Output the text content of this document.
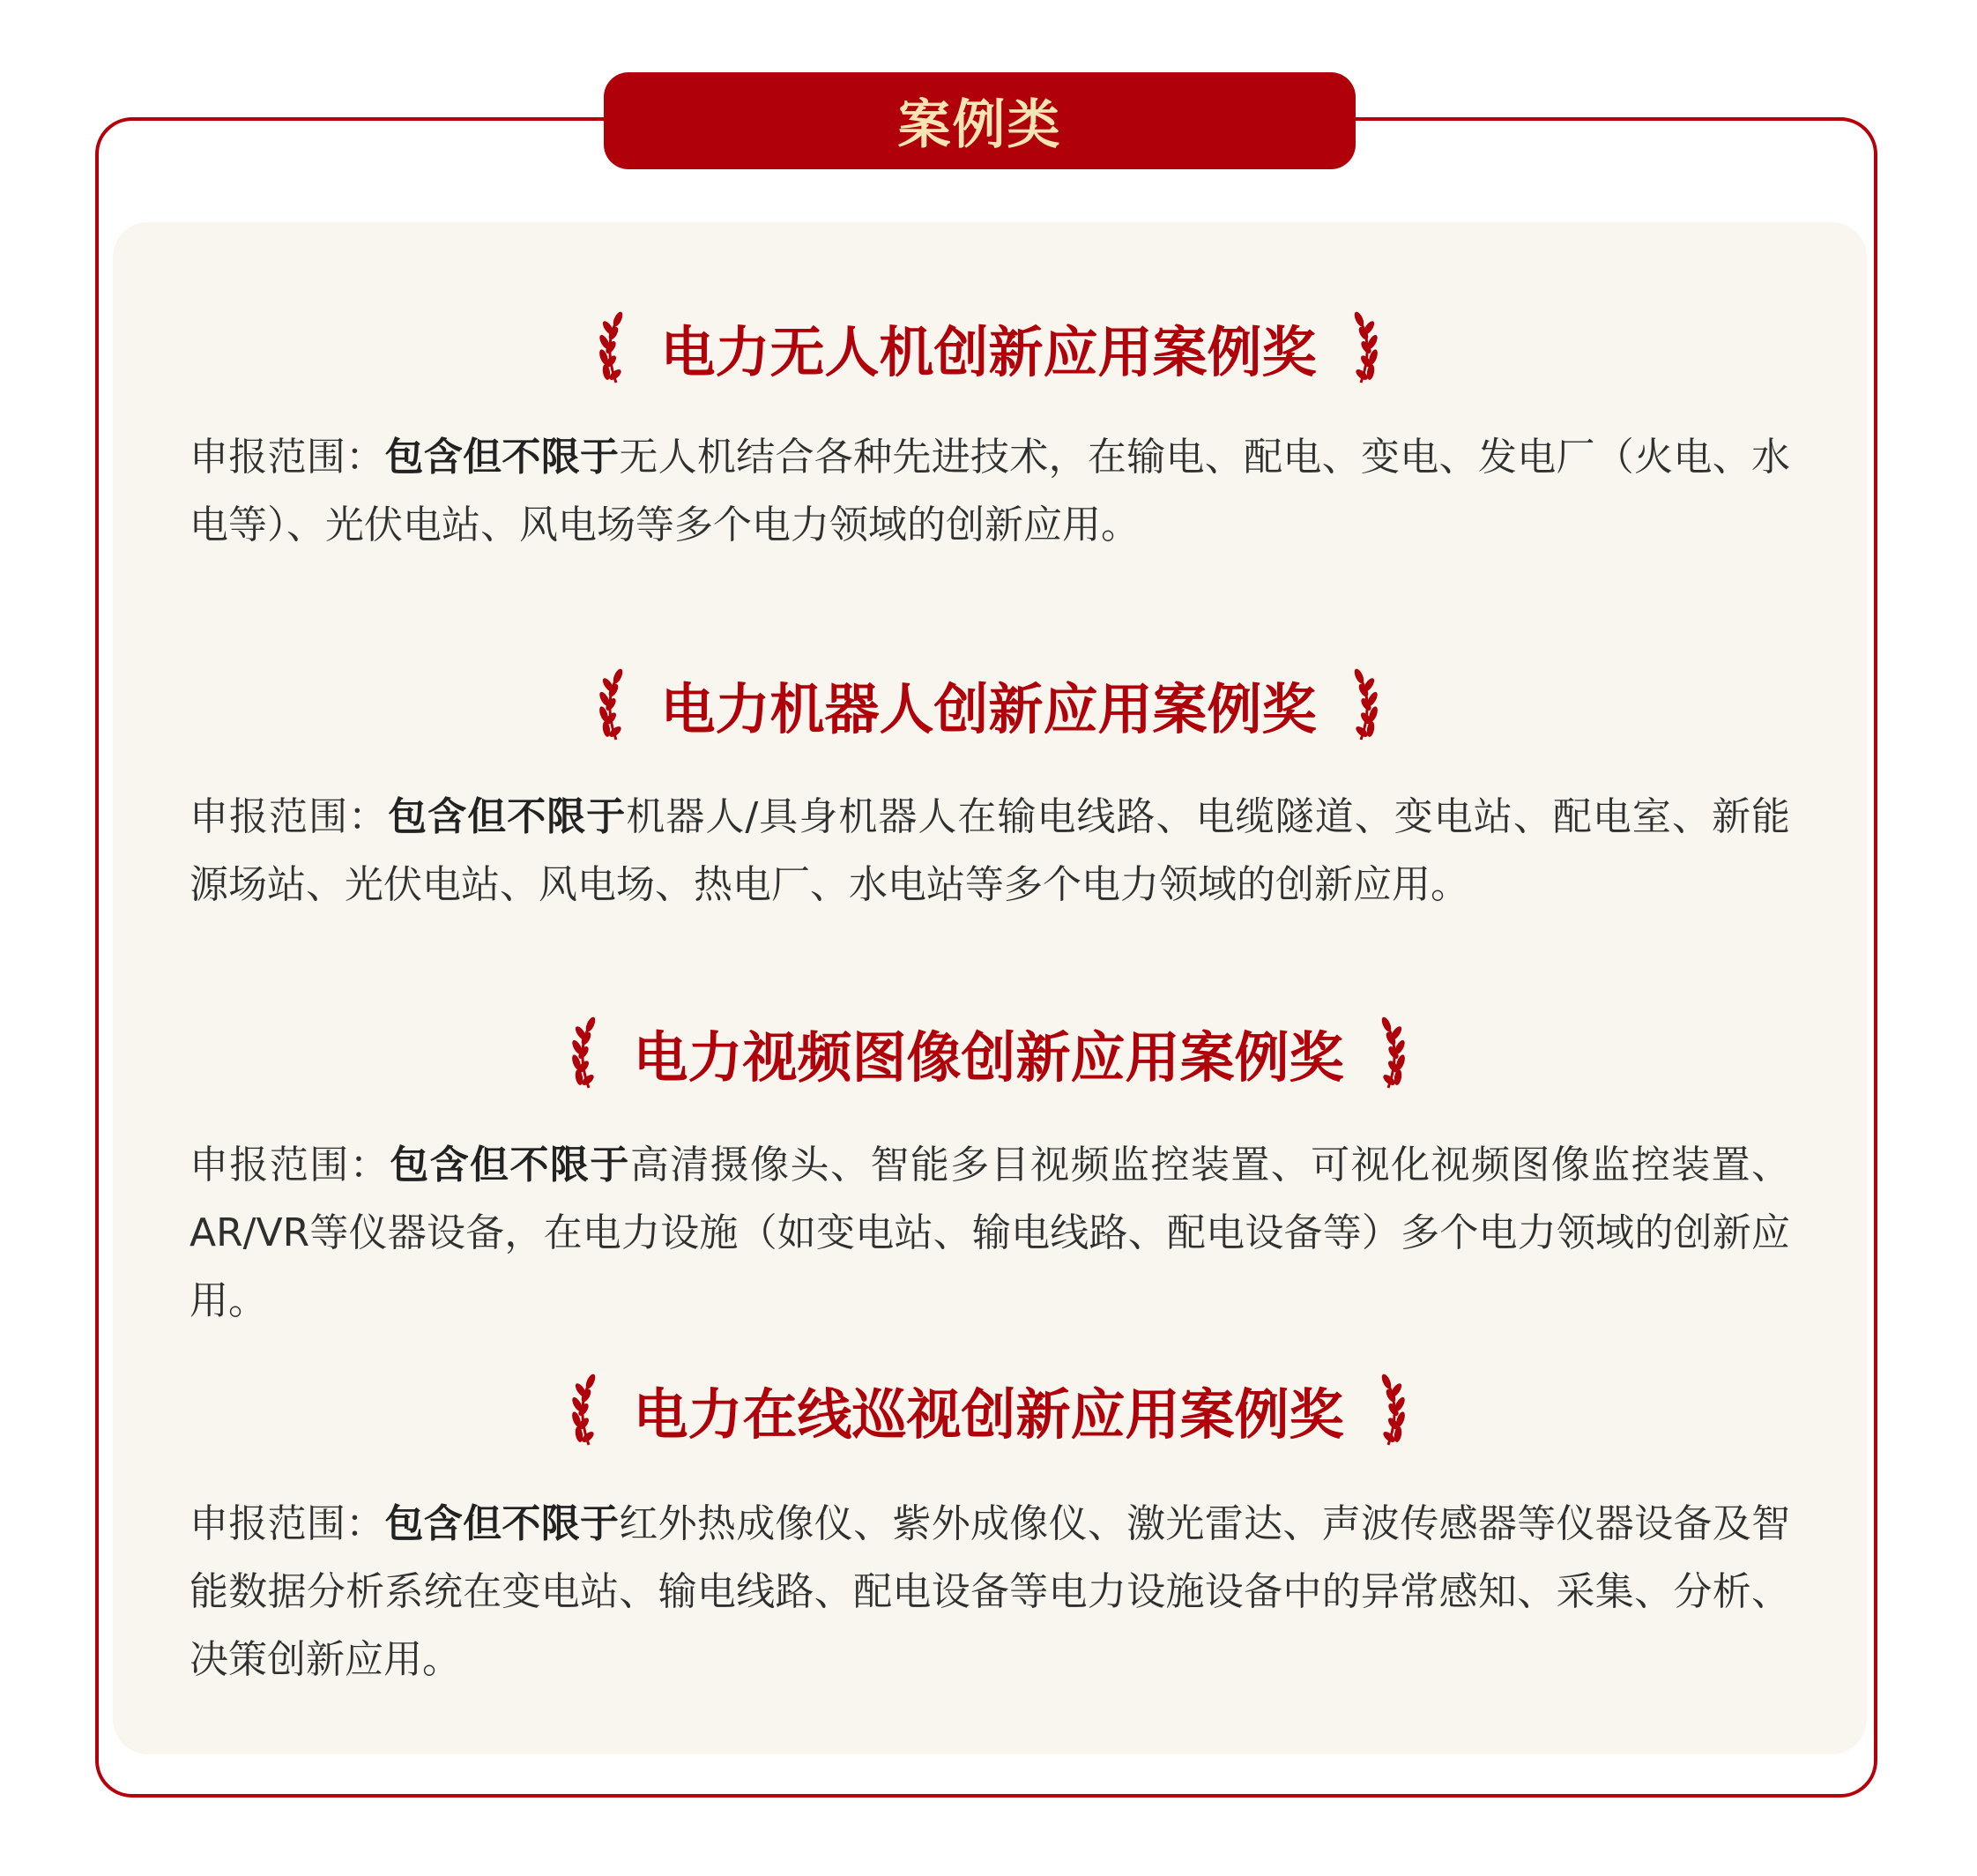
案例类
电力无人机创新应用案例奖
申报范围：包含但不限于无人机结合各种先进技术，在输电、配电、变电、发电厂（火电、水电等）、光伏电站、风电场等多个电力领域的创新应用。
电力机器人创新应用案例奖
申报范围：包含但不限于机器人/具身机器人在输电线路、电缆隧道、变电站、配电室、新能源场站、光伏电站、风电场、热电厂、水电站等多个电力领域的创新应用。
电力视频图像创新应用案例奖
申报范围：包含但不限于高清摄像头、智能多目视频监控装置、可视化视频图像监控装置、AR/VR等仪器设备，在电力设施（如变电站、输电线路、配电设备等）多个电力领域的创新应用。
电力在线巡视创新应用案例奖
申报范围：包含但不限于红外热成像仪、紫外成像仪、激光雷达、声波传感器等仪器设备及智能数据分析系统在变电站、输电线路、配电设备等电力设施设备中的异常感知、采集、分析、决策创新应用。
